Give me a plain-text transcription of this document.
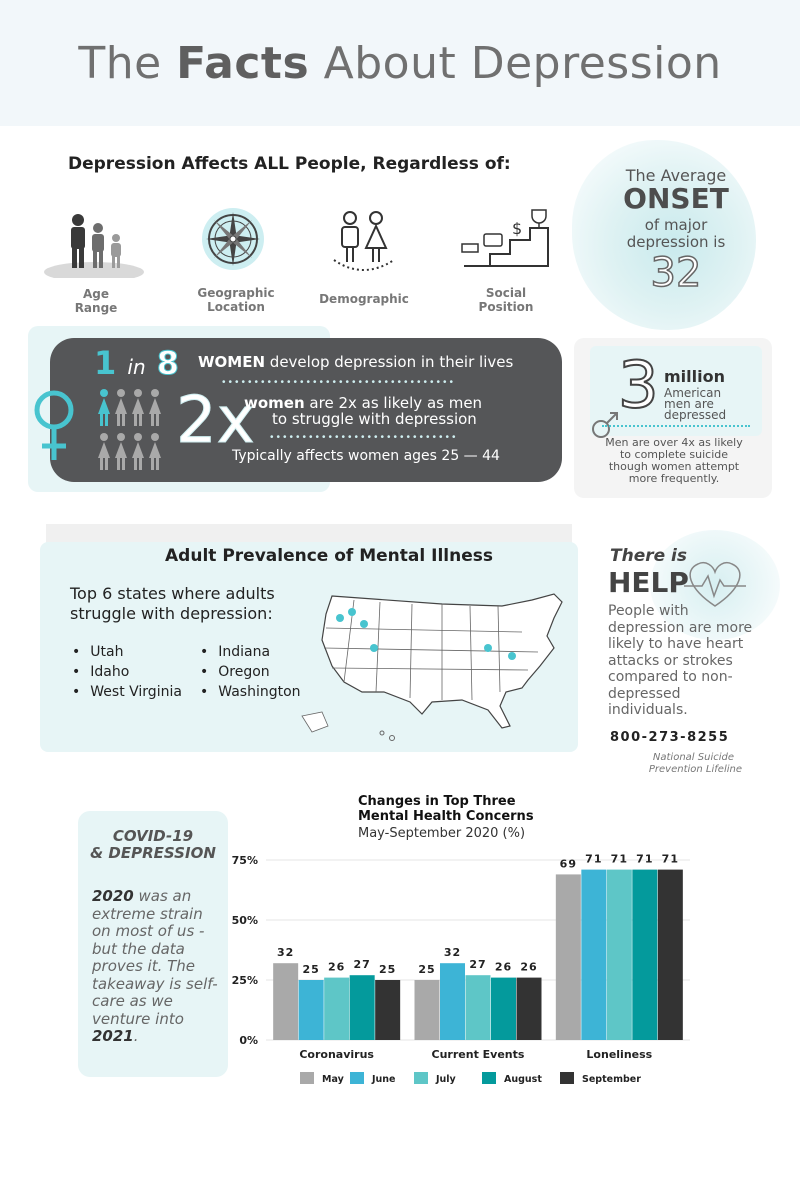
The Facts About Depression
Depression Affects ALL People, Regardless of:
$
Age
Range
Geographic
Location
Demographic	Social
Position
The Average
ONSET
of major
depression is
32
1 in 8 WOMEN develop depression in their lives
••••••••••••••••••••••••••••••••••••
2x
women are 2x as likely as men
to struggle with depression
•••••••••••••••••••••••••••••
Typically affects women ages 25 — 44
3 million
American
men are
depressed
Men are over 4x as likely
to complete suicide
though women attempt
more frequently.
Adult Prevalence of Mental Illness
Top 6 states where adults
struggle with depression:
• Utah
• Idaho
• West Virginia
• Indiana
• Oregon
• Washington
There is
HELP
People with
depression are more
likely to have heart
attacks or strokes
compared to non-
depressed
individuals.
800-273-8255
National Suicide
Prevention Lifeline
COVID-19
& DEPRESSION
2020 was an extreme strain on most of us - but the data proves it. The takeaway is self-care as we venture into 2021.
Changes in Top Three
Mental Health Concerns
May-September 2020 (%)
0%
25%
50%
75%
32
25 26 27 25
Coronavirus
25
32
27 26 26
Current Events
69 71 71 71 71
Loneliness
May	June	July	August	September
